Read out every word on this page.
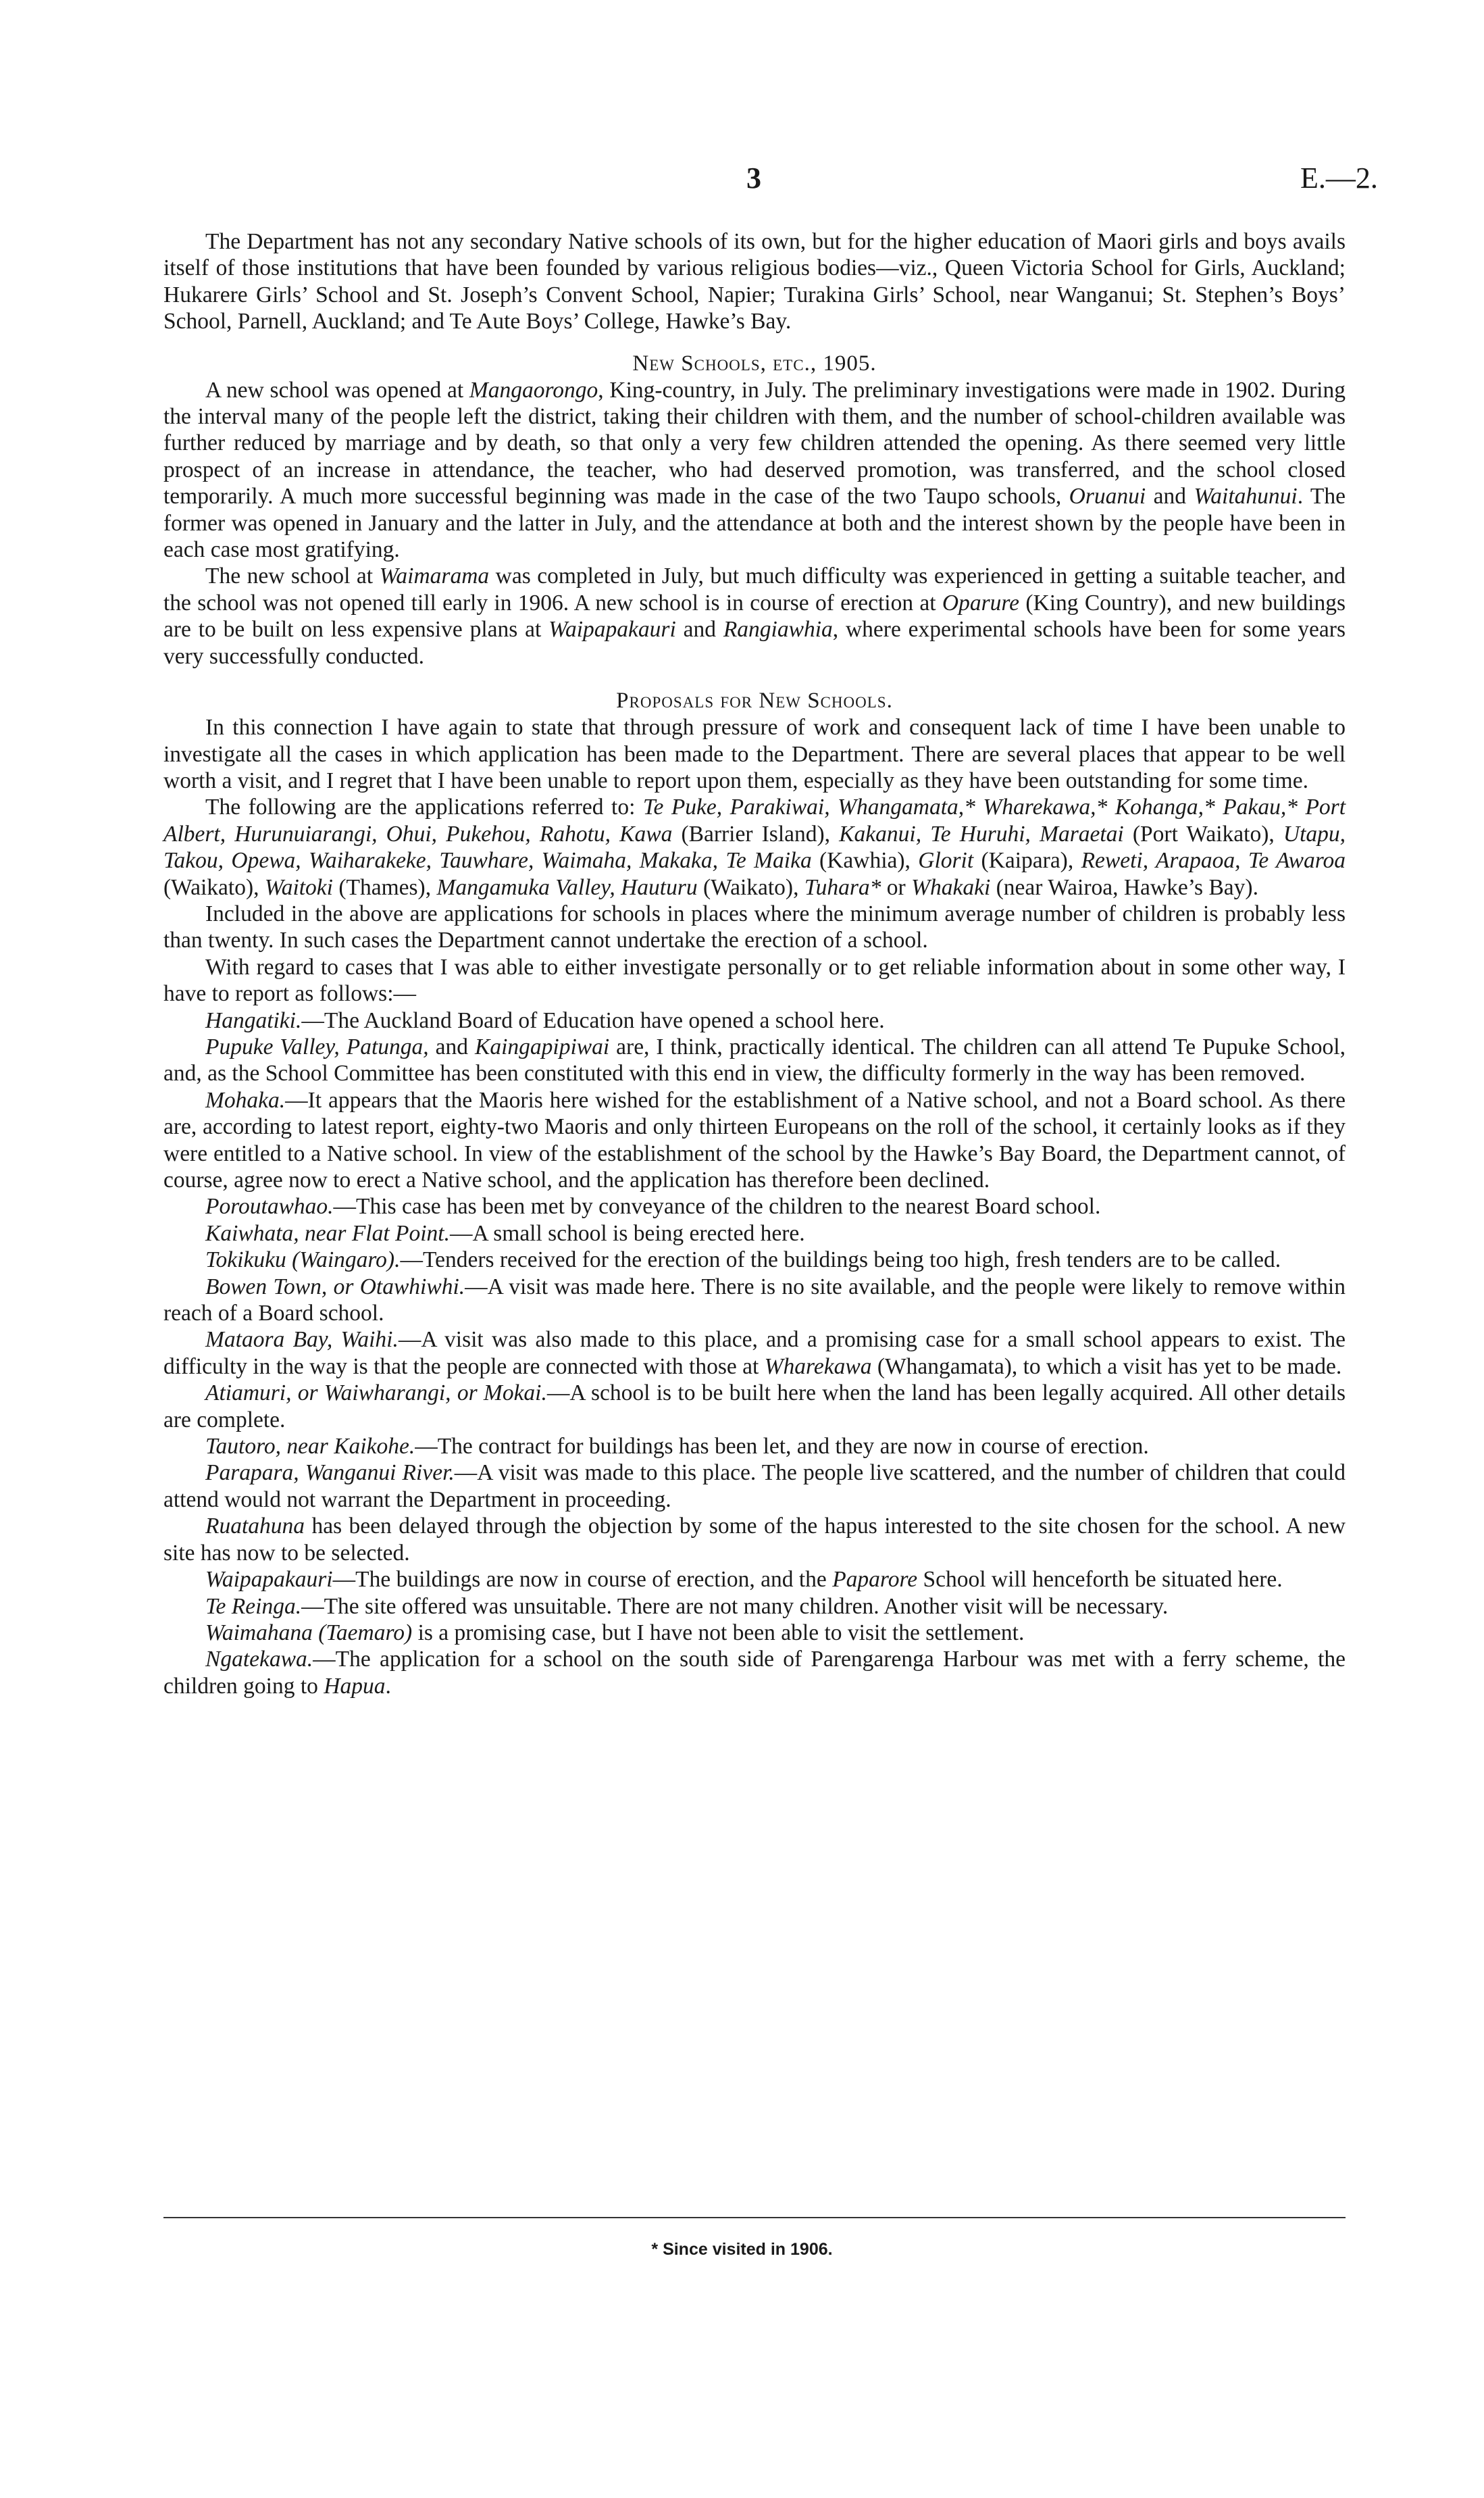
3	E.—2.

The Department has not any secondary Native schools of its own, but for the higher education of Maori girls and boys avails itself of those institutions that have been founded by various religious bodies—viz., Queen Victoria School for Girls, Auckland; Hukarere Girls’ School and St. Joseph’s Convent School, Napier; Turakina Girls’ School, near Wanganui; St. Stephen’s Boys’ School, Parnell, Auckland; and Te Aute Boys’ College, Hawke’s Bay.

New Schools, etc., 1905.

A new school was opened at Mangaorongo, King-country, in July. The preliminary investigations were made in 1902. During the interval many of the people left the district, taking their children with them, and the number of school-children available was further reduced by marriage and by death, so that only a very few children attended the opening. As there seemed very little prospect of an increase in attendance, the teacher, who had deserved promotion, was transferred, and the school closed temporarily. A much more successful beginning was made in the case of the two Taupo schools, Oruanui and Waitahunui. The former was opened in January and the latter in July, and the attendance at both and the interest shown by the people have been in each case most gratifying.

The new school at Waimarama was completed in July, but much difficulty was experienced in getting a suitable teacher, and the school was not opened till early in 1906. A new school is in course of erection at Oparure (King Country), and new buildings are to be built on less expensive plans at Waipapakauri and Rangiawhia, where experimental schools have been for some years very successfully conducted.

Proposals for New Schools.

In this connection I have again to state that through pressure of work and consequent lack of time I have been unable to investigate all the cases in which application has been made to the Department. There are several places that appear to be well worth a visit, and I regret that I have been unable to report upon them, especially as they have been outstanding for some time.

The following are the applications referred to: Te Puke, Parakiwai, Whangamata,* Wharekawa,* Kohanga,* Pakau,* Port Albert, Hurunuiarangi, Ohui, Pukehou, Rahotu, Kawa (Barrier Island), Kakanui, Te Huruhi, Maraetai (Port Waikato), Utapu, Takou, Opewa, Waiharakeke, Tauwhare, Waimaha, Makaka, Te Maika (Kawhia), Glorit (Kaipara), Reweti, Arapaoa, Te Awaroa (Waikato), Waitoki (Thames), Mangamuka Valley, Hauturu (Waikato), Tuhara* or Whakaki (near Wairoa, Hawke’s Bay).

Included in the above are applications for schools in places where the minimum average number of children is probably less than twenty. In such cases the Department cannot undertake the erection of a school.

With regard to cases that I was able to either investigate personally or to get reliable information about in some other way, I have to report as follows:—

Hangatiki.—The Auckland Board of Education have opened a school here.

Pupuke Valley, Patunga, and Kaingapipiwai are, I think, practically identical. The children can all attend Te Pupuke School, and, as the School Committee has been constituted with this end in view, the difficulty formerly in the way has been removed.

Mohaka.—It appears that the Maoris here wished for the establishment of a Native school, and not a Board school. As there are, according to latest report, eighty-two Maoris and only thirteen Europeans on the roll of the school, it certainly looks as if they were entitled to a Native school. In view of the establishment of the school by the Hawke’s Bay Board, the Department cannot, of course, agree now to erect a Native school, and the application has therefore been declined.

Poroutawhao.—This case has been met by conveyance of the children to the nearest Board school.

Kaiwhata, near Flat Point.—A small school is being erected here.

Tokikuku (Waingaro).—Tenders received for the erection of the buildings being too high, fresh tenders are to be called.

Bowen Town, or Otawhiwhi.—A visit was made here. There is no site available, and the people were likely to remove within reach of a Board school.

Mataora Bay, Waihi.—A visit was also made to this place, and a promising case for a small school appears to exist. The difficulty in the way is that the people are connected with those at Wharekawa (Whangamata), to which a visit has yet to be made.

Atiamuri, or Waiwharangi, or Mokai.—A school is to be built here when the land has been legally acquired. All other details are complete.

Tautoro, near Kaikohe.—The contract for buildings has been let, and they are now in course of erection.

Parapara, Wanganui River.—A visit was made to this place. The people live scattered, and the number of children that could attend would not warrant the Department in proceeding.

Ruatahuna has been delayed through the objection by some of the hapus interested to the site chosen for the school. A new site has now to be selected.

Waipapakauri—The buildings are now in course of erection, and the Paparore School will henceforth be situated here.

Te Reinga.—The site offered was unsuitable. There are not many children. Another visit will be necessary.

Waimahana (Taemaro) is a promising case, but I have not been able to visit the settlement.

Ngatekawa.—The application for a school on the south side of Parengarenga Harbour was met with a ferry scheme, the children going to Hapua.

* Since visited in 1906.
